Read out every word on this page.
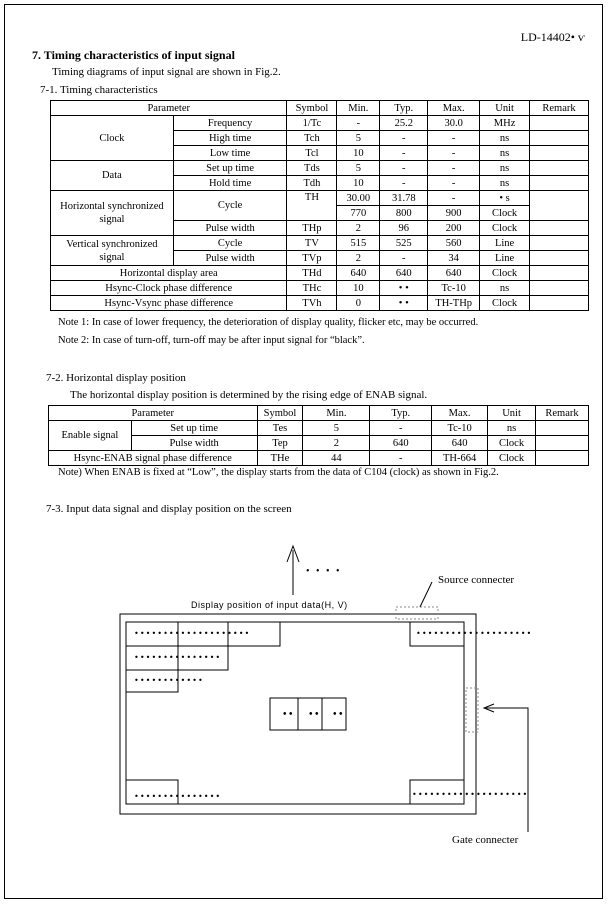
LD-14402• ѵ
7. Timing characteristics of input signal
Timing diagrams of input signal are shown in Fig.2.
7-1. Timing characteristics
Parameter		Symbol	Min.	Typ.	Max.	Unit	Remark
Clock	Frequency	1/Tc	-	25.2	30.0	MHz	
	High time	Tch	5	-	-	ns	
	Low time	Tcl	10	-	-	ns	
Data	Set up time	Tds	5	-	-	ns	
	Hold time	Tdh	10	-	-	ns	
Horizontal synchronized signal	Cycle	TH	30.00	31.78	-	• s	
			770	800	900	Clock	
	Pulse width	THp	2	96	200	Clock	
Vertical synchronized signal	Cycle	TV	515	525	560	Line	
	Pulse width	TVp	2	-	34	Line	
Horizontal display area		THd	640	640	640	Clock	
Hsync-Clock phase difference		THc	10	• •	Tc-10	ns	
Hsync-Vsync phase difference		TVh	0	• •	TH-THp	Clock	
Note 1: In case of lower frequency, the deterioration of display quality, flicker etc, may be occurred.
Note 2: In case of turn-off, turn-off may be after input signal for “black”.
7-2. Horizontal display position
The horizontal display position is determined by the rising edge of ENAB signal.
Parameter		Symbol	Min.	Typ.	Max.	Unit	Remark
Enable signal	Set up time	Tes	5	-	Tc-10	ns	
	Pulse width	Tep	2	640	640	Clock	
Hsync-ENAB signal phase difference		THe	44	-	TH-664	Clock	
Note) When ENAB is fixed at “Low”, the display starts from the data of C104 (clock) as shown in Fig.2.
7-3. Input data signal and display position on the screen
• • • •
Display position of input data(H, V)
Source connecter
Gate connecter
••••••••••••••••••••
•••••••••••••••
••••••••••••
••••••••••••••••••••
•••••••••••••••	••••••••••••••••••••
• • • • • •
